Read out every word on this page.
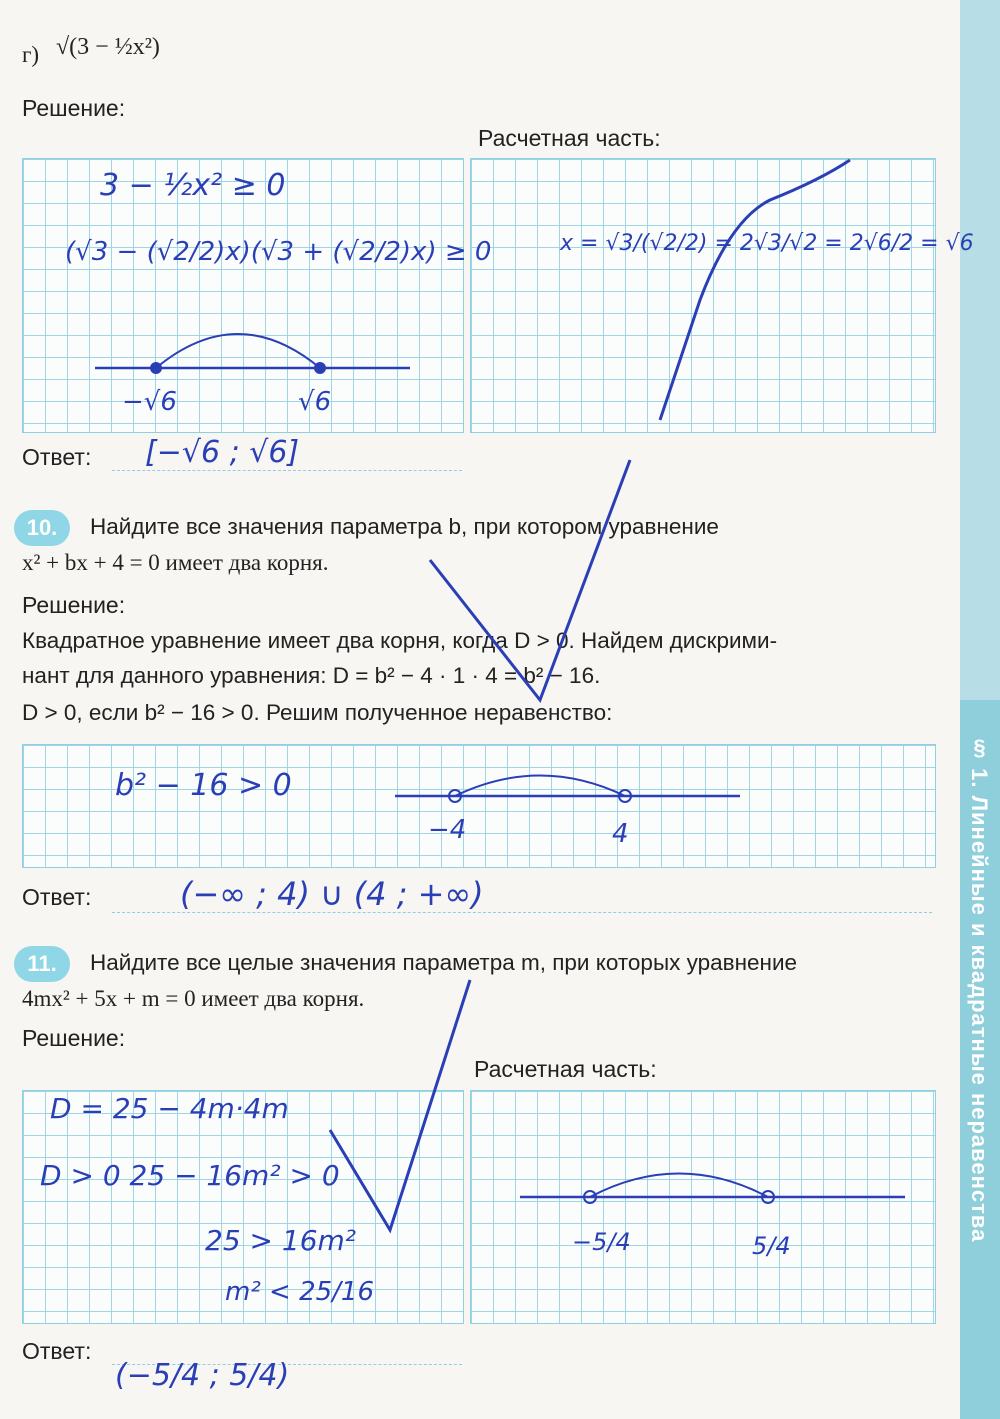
г) √(3 − ½x²)
Решение:
Расчетная часть:
Ответ:
10.	Найдите все значения параметра b, при котором уравнение
x² + bx + 4 = 0 имеет два корня.
Решение:
Квадратное уравнение имеет два корня, когда D > 0. Найдем дискрими-
нант для данного уравнения: D = b² − 4 · 1 · 4 = b² − 16.
D > 0, если b² − 16 > 0. Решим полученное неравенство:
Ответ:
11.	Найдите все целые значения параметра m, при которых уравнение
4mx² + 5x + m = 0 имеет два корня.
Решение:
Расчетная часть:
Ответ:
§ 1. Линейные и квадратные неравенства
3 − ½x² ≥ 0
(√3 − (√2/2)x)(√3 + (√2/2)x) ≥ 0
−√6	√6
x = √3/(√2/2) = 2√3/√2 = 2√6/2 = √6
[−√6 ; √6]
b² − 16 > 0
−4	4
(−∞ ; 4) ∪ (4 ; +∞)
D = 25 − 4m·4m
D > 0 25 − 16m² > 0
25 > 16m²
m² < 25/16
−5/4	5/4
(−5/4 ; 5/4)
